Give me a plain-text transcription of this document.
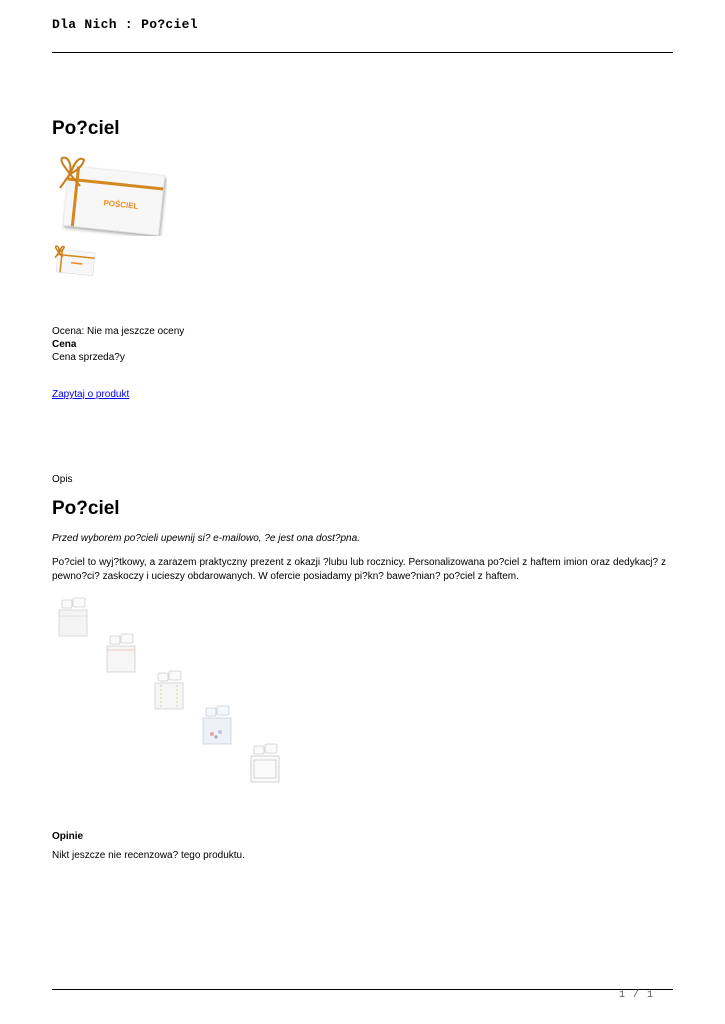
Dla Nich : Po?ciel
Po?ciel
POŚCIEL
Ocena: Nie ma jeszcze oceny
Cena
Cena sprzeda?y
Zapytaj o produkt
Opis
Po?ciel
Przed wyborem po?cieli upewnij si? e-mailowo, ?e jest ona dost?pna.

Po?ciel to wyj?tkowy, a zarazem praktyczny prezent z okazji ?lubu lub rocznicy. Personalizowana po?ciel z haftem imion oraz dedykacj? z pewno?ci? zaskoczy i ucieszy obdarowanych. W ofercie posiadamy pi?kn? bawe?nian? po?ciel z haftem.

Opinie
Nikt jeszcze nie recenzowa? tego produktu.
1 / 1
